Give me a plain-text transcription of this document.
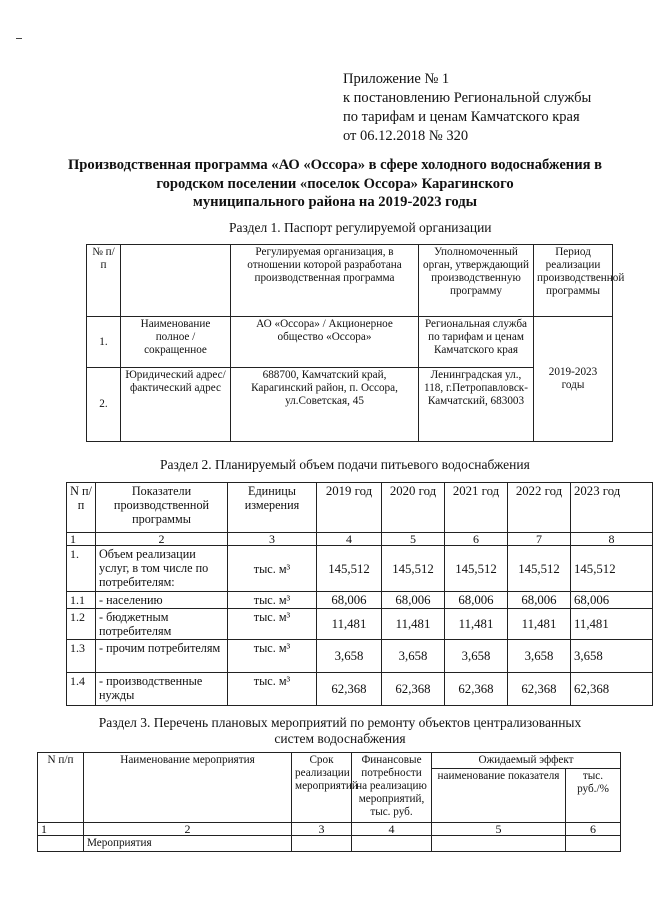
Приложение № 1
к постановлению Региональной службы
по тарифам и ценам Камчатского края
от 06.12.2018 № 320
Производственная программа «АО «Оссора» в сфере холодного водоснабжения в
городском поселении «поселок Оссора» Карагинского
муниципального района на 2019-2023 годы
Раздел 1. Паспорт регулируемой организации
№ п/п		Регулируемая организация, в отношении которой разработана производственная программа	Уполномоченный орган, утверждающий производственную программу	Период реализации производственной программы
1.	Наименование полное / сокращенное	АО «Оссора» / Акционерное общество «Оссора»	Региональная служба по тарифам и ценам Камчатского края	2019-2023 годы
2.	Юридический адрес/фактический адрес	688700, Камчатский край, Карагинский район, п. Оссора, ул.Советская, 45	Ленинградская ул., 118, г.Петропавловск-Камчатский, 683003	
Раздел 2. Планируемый объем подачи питьевого водоснабжения
N п/п	Показатели производственной программы	Единицы измерения	2019 год	2020 год	2021 год	2022 год	2023 год
1	2	3	4	5	6	7	8
1.	Объем реализации услуг, в том числе по потребителям:	тыс. м³	145,512	145,512	145,512	145,512	145,512
1.1	- населению	тыс. м³	68,006	68,006	68,006	68,006	68,006
1.2	- бюджетным потребителям	тыс. м³	11,481	11,481	11,481	11,481	11,481
1.3	- прочим потребителям	тыс. м³	3,658	3,658	3,658	3,658	3,658
1.4	- производственные нужды	тыс. м³	62,368	62,368	62,368	62,368	62,368
Раздел 3. Перечень плановых мероприятий по ремонту объектов централизованных систем водоснабжения
N п/п	Наименование мероприятия	Срок реализации мероприятий	Финансовые потребности на реализацию мероприятий, тыс. руб.	Ожидаемый эффект	
				наименование показателя	тыс. руб./%
1	2	3	4	5	6
	Мероприятия				
